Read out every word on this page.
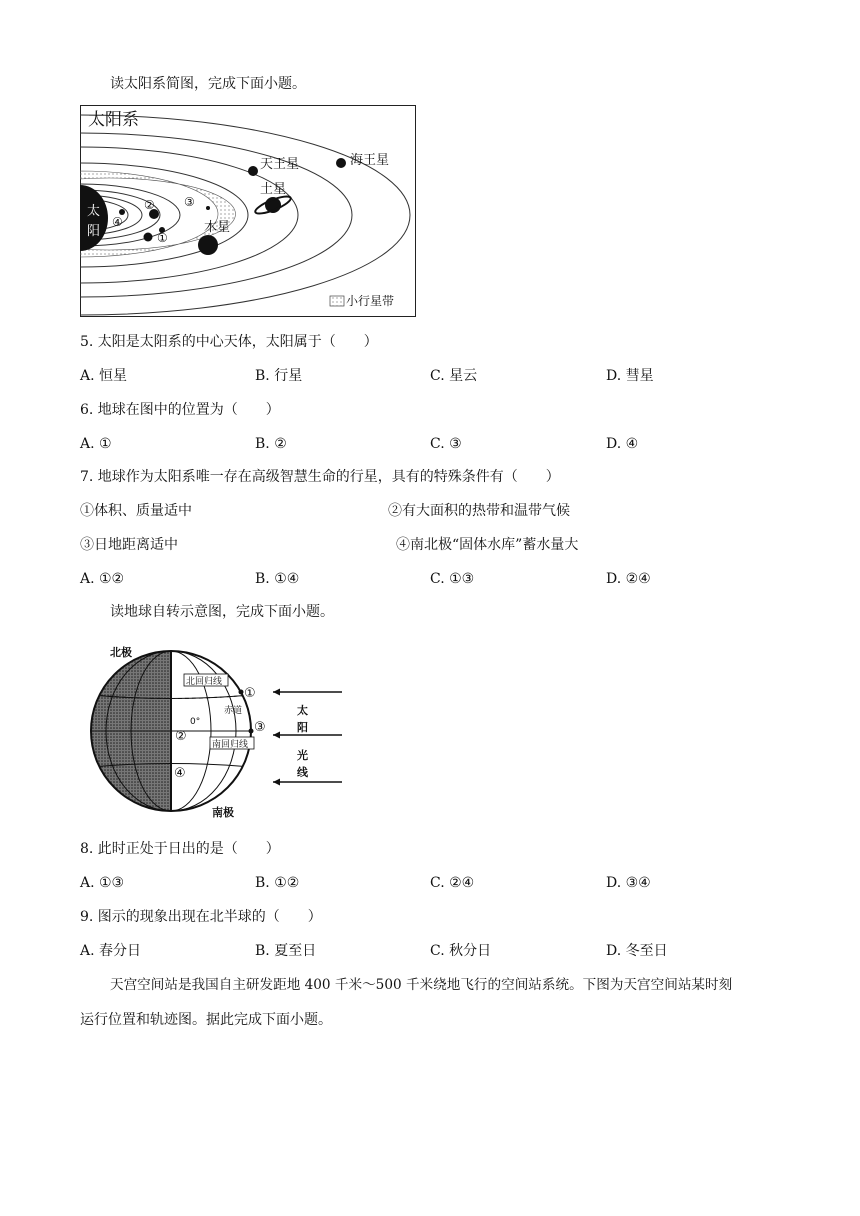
读太阳系简图，完成下面小题。
太
阳
太阳系
④
②
①
③
木星
土星
天王星	海王星
小行星带
5. 太阳是太阳系的中心天体，太阳属于（　　）
A. 恒星	B. 行星	C. 星云	D. 彗星
6. 地球在图中的位置为（　　）
A. ①	B. ②	C. ③	D. ④
7. 地球作为太阳系唯一存在高级智慧生命的行星，具有的特殊条件有（　　）
①体积、质量适中	②有大面积的热带和温带气候
③日地距离适中	④南北极“固体水库”蓄水量大
A. ①②	B. ①④	C. ①③	D. ②④
读地球自转示意图，完成下面小题。
北极
南极
北回归线
赤道
0°
南回归线
①
②
③
④
太
阳
光
线
8. 此时正处于日出的是（　　）
A. ①③	B. ①②	C. ②④	D. ③④
9. 图示的现象出现在北半球的（　　）
A. 春分日	B. 夏至日	C. 秋分日	D. 冬至日
天宫空间站是我国自主研发距地 400 千米～500 千米绕地飞行的空间站系统。下图为天宫空间站某时刻
运行位置和轨迹图。据此完成下面小题。
